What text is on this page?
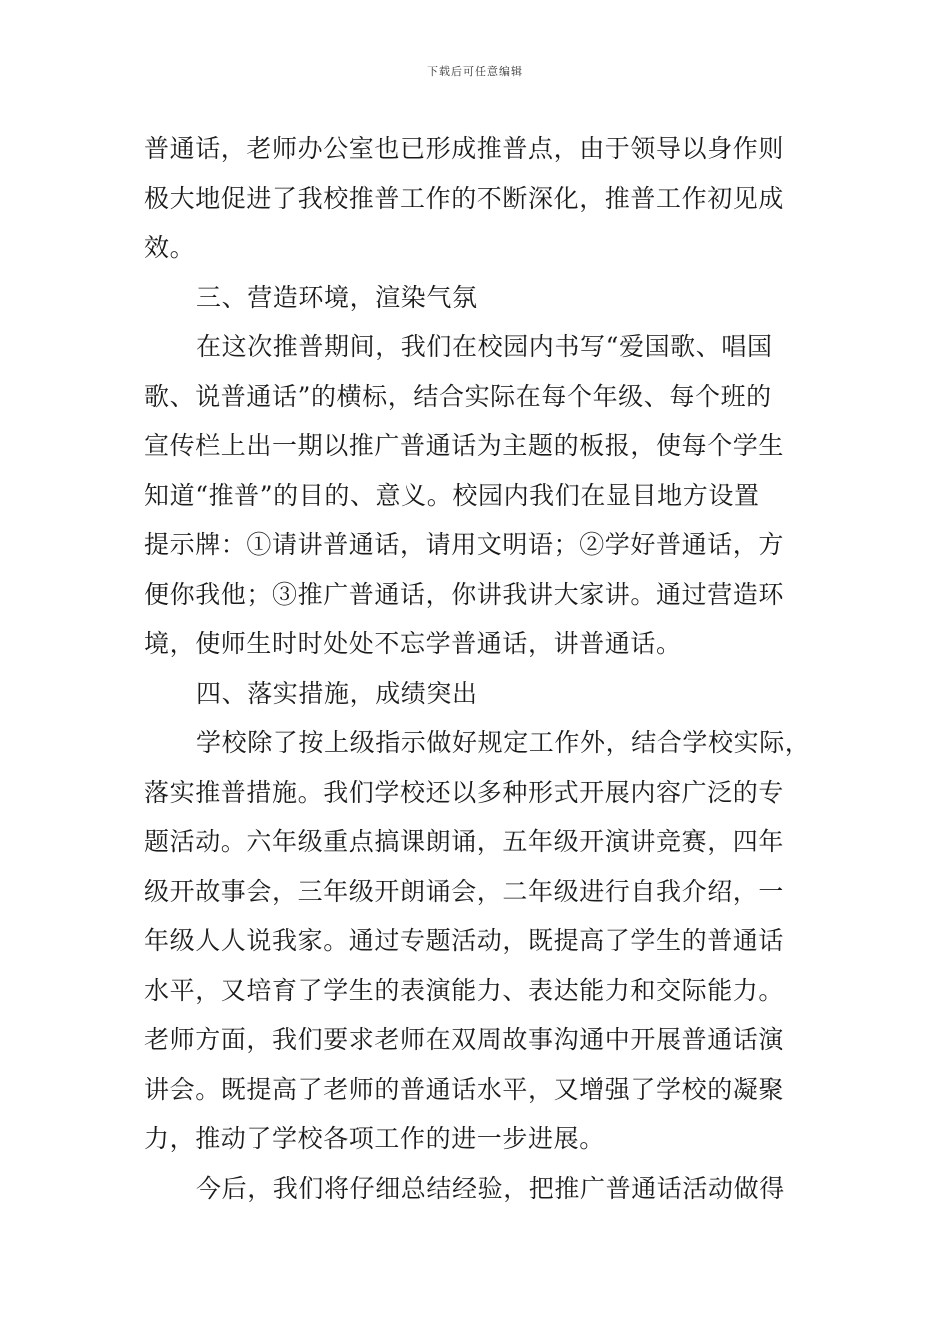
下载后可任意编辑
普通话，老师办公室也已形成推普点，由于领导以身作则
极大地促进了我校推普工作的不断深化，推普工作初见成
效。
三、营造环境，渲染气氛
在这次推普期间，我们在校园内书写“爱国歌、唱国
歌、说普通话”的横标，结合实际在每个年级、每个班的
宣传栏上出一期以推广普通话为主题的板报，使每个学生
知道“推普”的目的、意义。校园内我们在显目地方设置
提示牌：①请讲普通话，请用文明语；②学好普通话，方
便你我他；③推广普通话，你讲我讲大家讲。通过营造环
境，使师生时时处处不忘学普通话，讲普通话。
四、落实措施，成绩突出
学校除了按上级指示做好规定工作外，结合学校实际，
落实推普措施。我们学校还以多种形式开展内容广泛的专
题活动。六年级重点搞课朗诵，五年级开演讲竞赛，四年
级开故事会，三年级开朗诵会，二年级进行自我介绍，一
年级人人说我家。通过专题活动，既提高了学生的普通话
水平，又培育了学生的表演能力、表达能力和交际能力。
老师方面，我们要求老师在双周故事沟通中开展普通话演
讲会。既提高了老师的普通话水平，又增强了学校的凝聚
力，推动了学校各项工作的进一步进展。
今后，我们将仔细总结经验，把推广普通话活动做得
